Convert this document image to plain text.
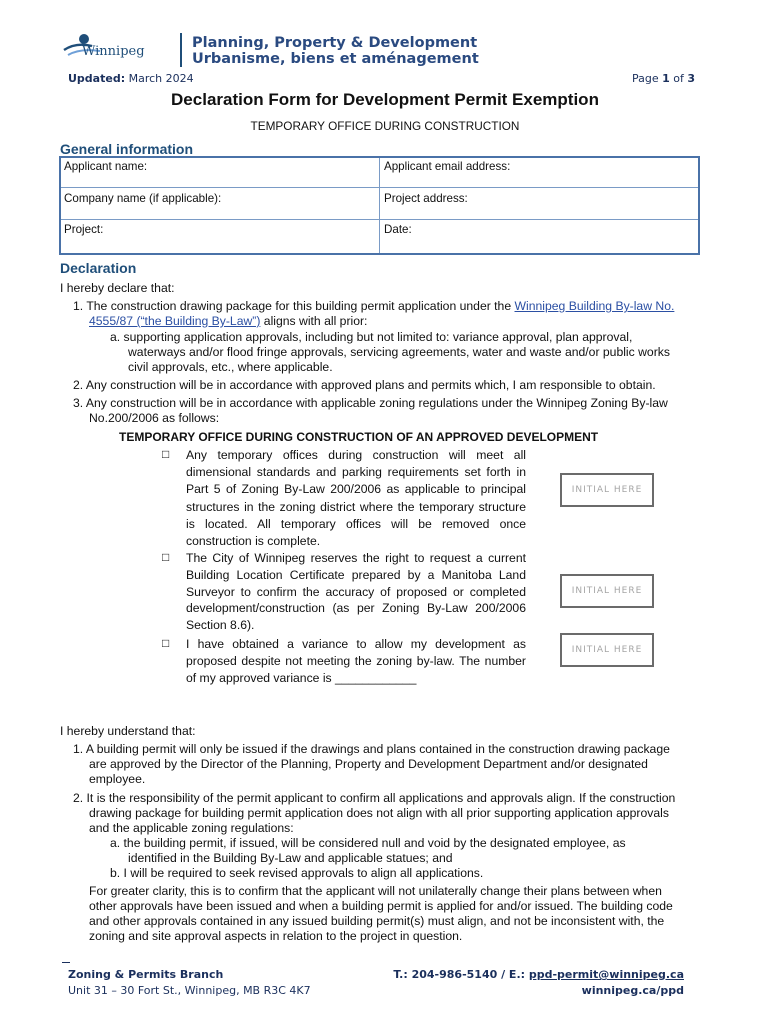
Winnipeg
Planning, Property & Development
Urbanisme, biens et aménagement
Updated: March 2024	Page 1 of 3
Declaration Form for Development Permit Exemption
TEMPORARY OFFICE DURING CONSTRUCTION
General information
Applicant name:	Applicant email address:
Company name (if applicable):	Project address:
Project:	Date:
Declaration
I hereby declare that:
1. The construction drawing package for this building permit application under the Winnipeg Building By-law No.
4555/87 (“the Building By-Law”) aligns with all prior:
a. supporting application approvals, including but not limited to: variance approval, plan approval,
waterways and/or flood fringe approvals, servicing agreements, water and waste and/or public works
civil approvals, etc., where applicable.
2. Any construction will be in accordance with approved plans and permits which, I am responsible to obtain.
3. Any construction will be in accordance with applicable zoning regulations under the Winnipeg Zoning By-law
No.200/2006 as follows:
TEMPORARY OFFICE DURING CONSTRUCTION OF AN APPROVED DEVELOPMENT
□ Any temporary offices during construction will meet all dimensional standards and parking requirements set forth in Part 5 of Zoning By-Law 200/2006 as applicable to principal structures in the zoning district where the temporary structure is located. All temporary offices will be removed once construction is complete.
INITIAL HERE
□ The City of Winnipeg reserves the right to request a current Building Location Certificate prepared by a Manitoba Land Surveyor to confirm the accuracy of proposed or completed development/construction (as per Zoning By-Law 200/2006 Section 8.6).
INITIAL HERE
□ I have obtained a variance to allow my development as proposed despite not meeting the zoning by-law. The number of my approved variance is ____________
INITIAL HERE
I hereby understand that:
1. A building permit will only be issued if the drawings and plans contained in the construction drawing package
are approved by the Director of the Planning, Property and Development Department and/or designated
employee.
2. It is the responsibility of the permit applicant to confirm all applications and approvals align. If the construction
drawing package for building permit application does not align with all prior supporting application approvals
and the applicable zoning regulations:
a. the building permit, if issued, will be considered null and void by the designated employee, as
identified in the Building By-Law and applicable statues; and
b. I will be required to seek revised approvals to align all applications.
For greater clarity, this is to confirm that the applicant will not unilaterally change their plans between when
other approvals have been issued and when a building permit is applied for and/or issued. The building code
and other approvals contained in any issued building permit(s) must align, and not be inconsistent with, the
zoning and site approval aspects in relation to the project in question.
Zoning & Permits Branch
Unit 31 – 30 Fort St., Winnipeg, MB R3C 4K7
T.: 204-986-5140 / E.: ppd-permit@winnipeg.ca
winnipeg.ca/ppd
